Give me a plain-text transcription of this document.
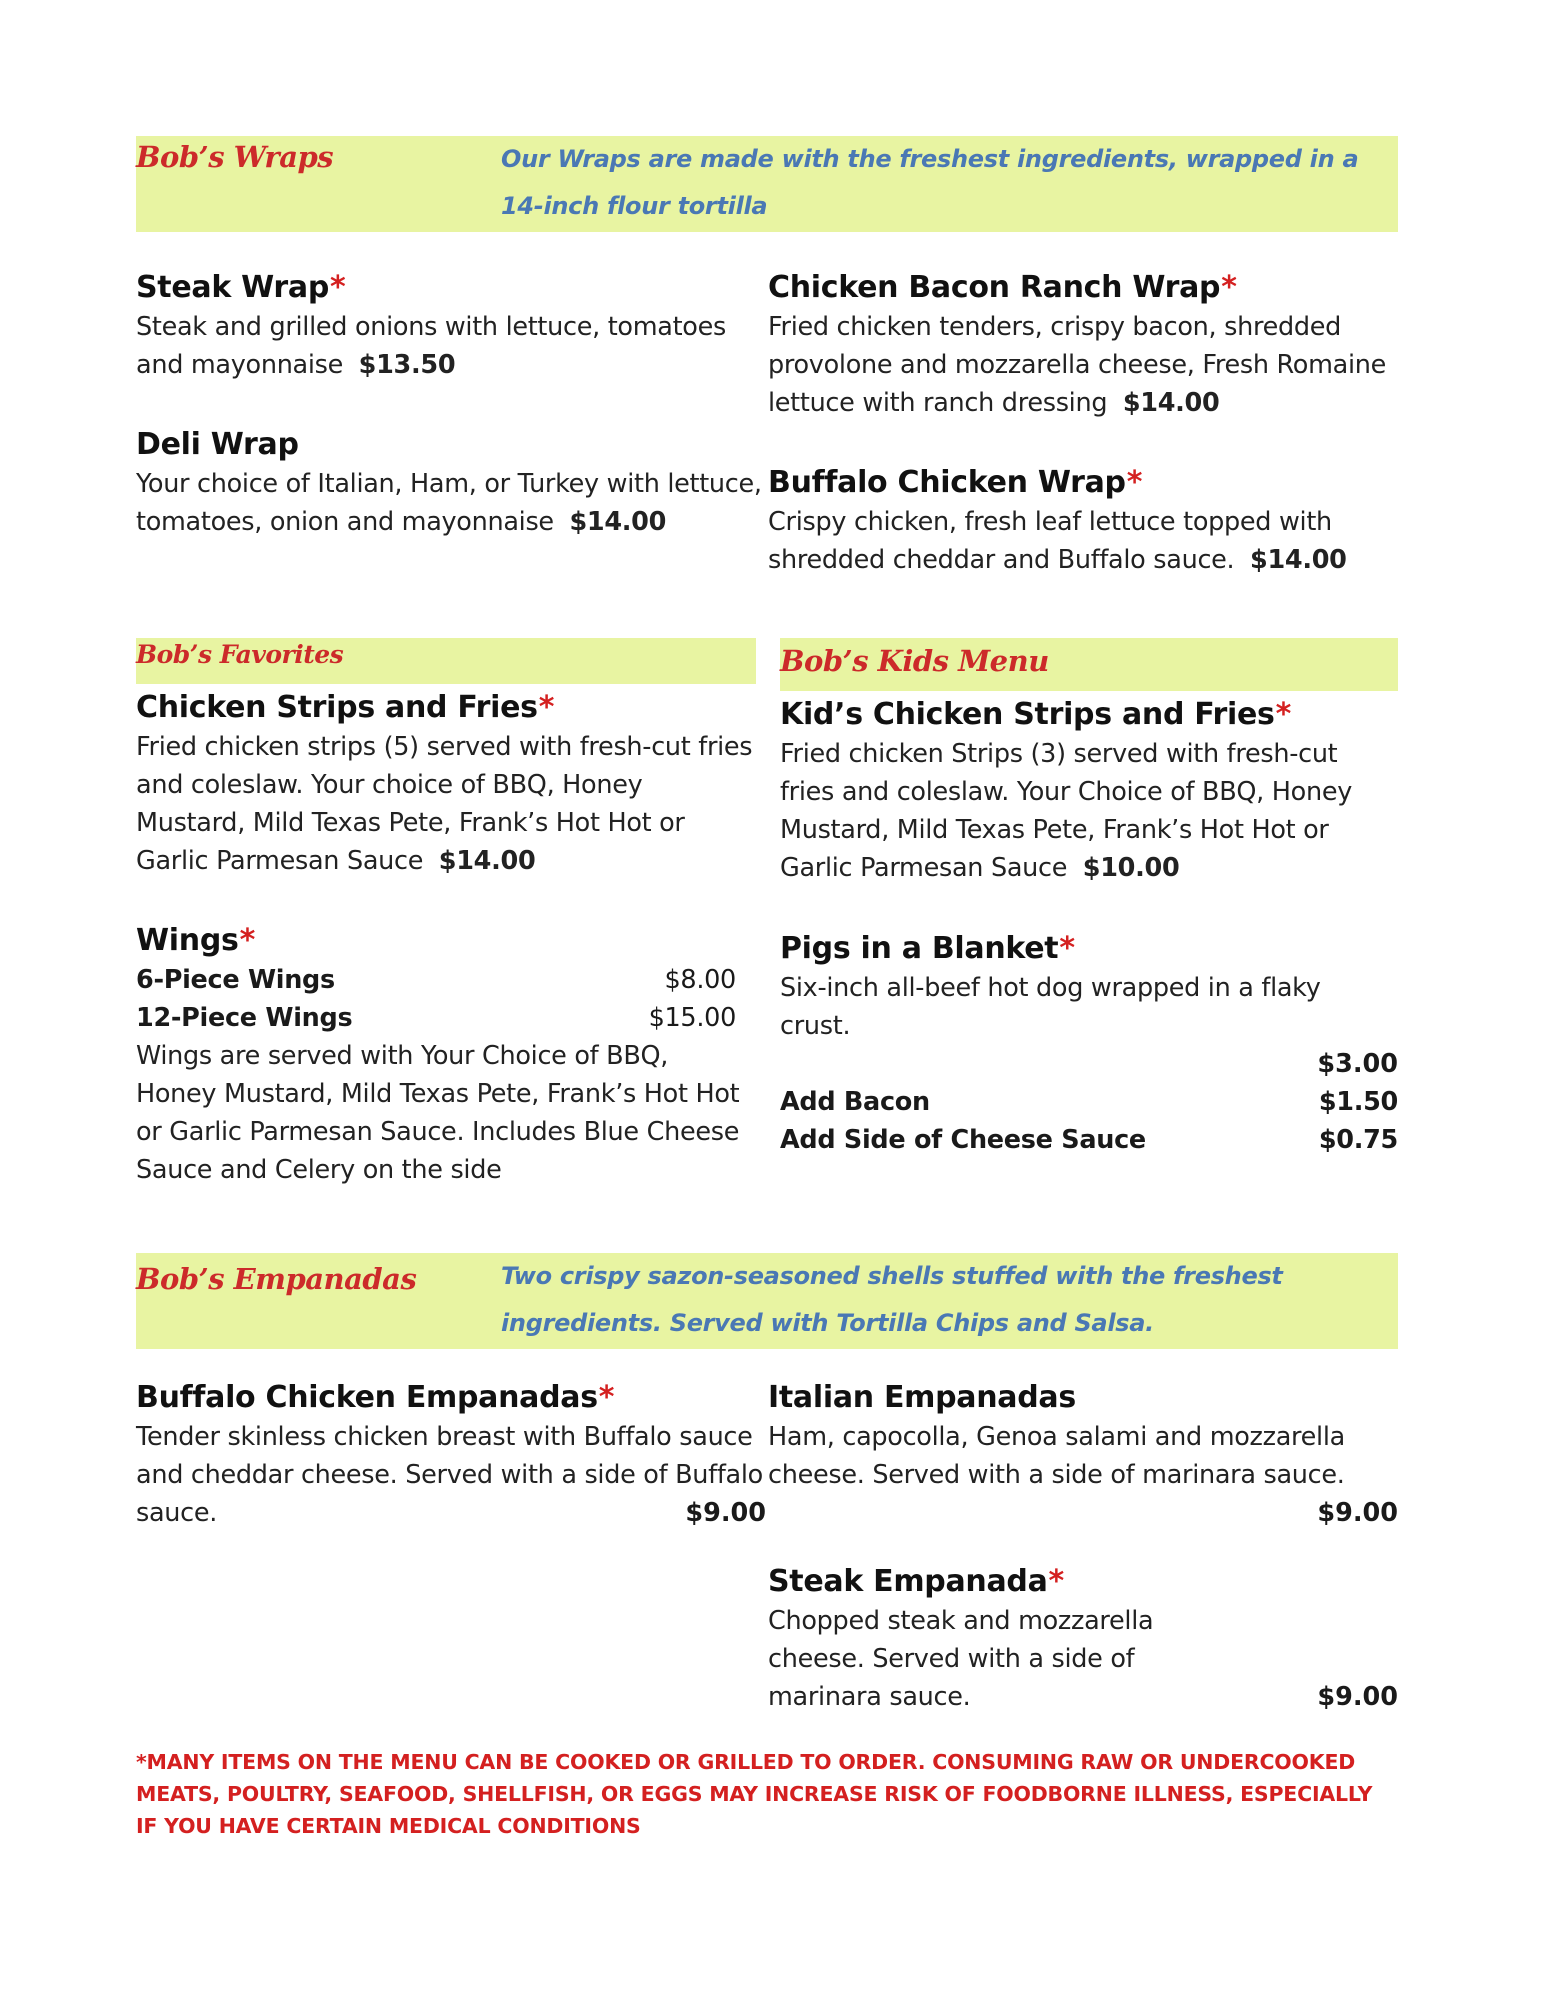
Bob’s Wraps	Our Wraps are made with the freshest ingredients, wrapped in a 14-inch flour tortilla
Steak Wrap*
Steak and grilled onions with lettuce, tomatoes and mayonnaise $13.50
Deli Wrap
Your choice of Italian, Ham, or Turkey with lettuce, tomatoes, onion and mayonnaise $14.00
Chicken Bacon Ranch Wrap*
Fried chicken tenders, crispy bacon, shredded provolone and mozzarella cheese, Fresh Romaine lettuce with ranch dressing $14.00
Buffalo Chicken Wrap*
Crispy chicken, fresh leaf lettuce topped with shredded cheddar and Buffalo sauce. $14.00
Bob’s Favorites
Chicken Strips and Fries*
Fried chicken strips (5) served with fresh-cut fries and coleslaw. Your choice of BBQ, Honey Mustard, Mild Texas Pete, Frank’s Hot Hot or Garlic Parmesan Sauce $14.00
Wings*
6-Piece Wings	$8.00
12-Piece Wings	$15.00
Wings are served with Your Choice of BBQ, Honey Mustard, Mild Texas Pete, Frank’s Hot Hot or Garlic Parmesan Sauce. Includes Blue Cheese Sauce and Celery on the side
Bob’s Kids Menu
Kid’s Chicken Strips and Fries*
Fried chicken Strips (3) served with fresh-cut fries and coleslaw. Your Choice of BBQ, Honey Mustard, Mild Texas Pete, Frank’s Hot Hot or Garlic Parmesan Sauce $10.00
Pigs in a Blanket*
Six-inch all-beef hot dog wrapped in a flaky crust.
$3.00
Add Bacon	$1.50
Add Side of Cheese Sauce	$0.75
Bob’s Empanadas	Two crispy sazon-seasoned shells stuffed with the freshest ingredients. Served with Tortilla Chips and Salsa.
Buffalo Chicken Empanadas*
Tender skinless chicken breast with Buffalo sauce and cheddar cheese. Served with a side of Buffalo sauce.	$9.00
Italian Empanadas
Ham, capocolla, Genoa salami and mozzarella cheese. Served with a side of marinara sauce.
$9.00
Steak Empanada*
Chopped steak and mozzarella cheese. Served with a side of marinara sauce.	$9.00
*MANY ITEMS ON THE MENU CAN BE COOKED OR GRILLED TO ORDER. CONSUMING RAW OR UNDERCOOKED MEATS, POULTRY, SEAFOOD, SHELLFISH, OR EGGS MAY INCREASE RISK OF FOODBORNE ILLNESS, ESPECIALLY IF YOU HAVE CERTAIN MEDICAL CONDITIONS
